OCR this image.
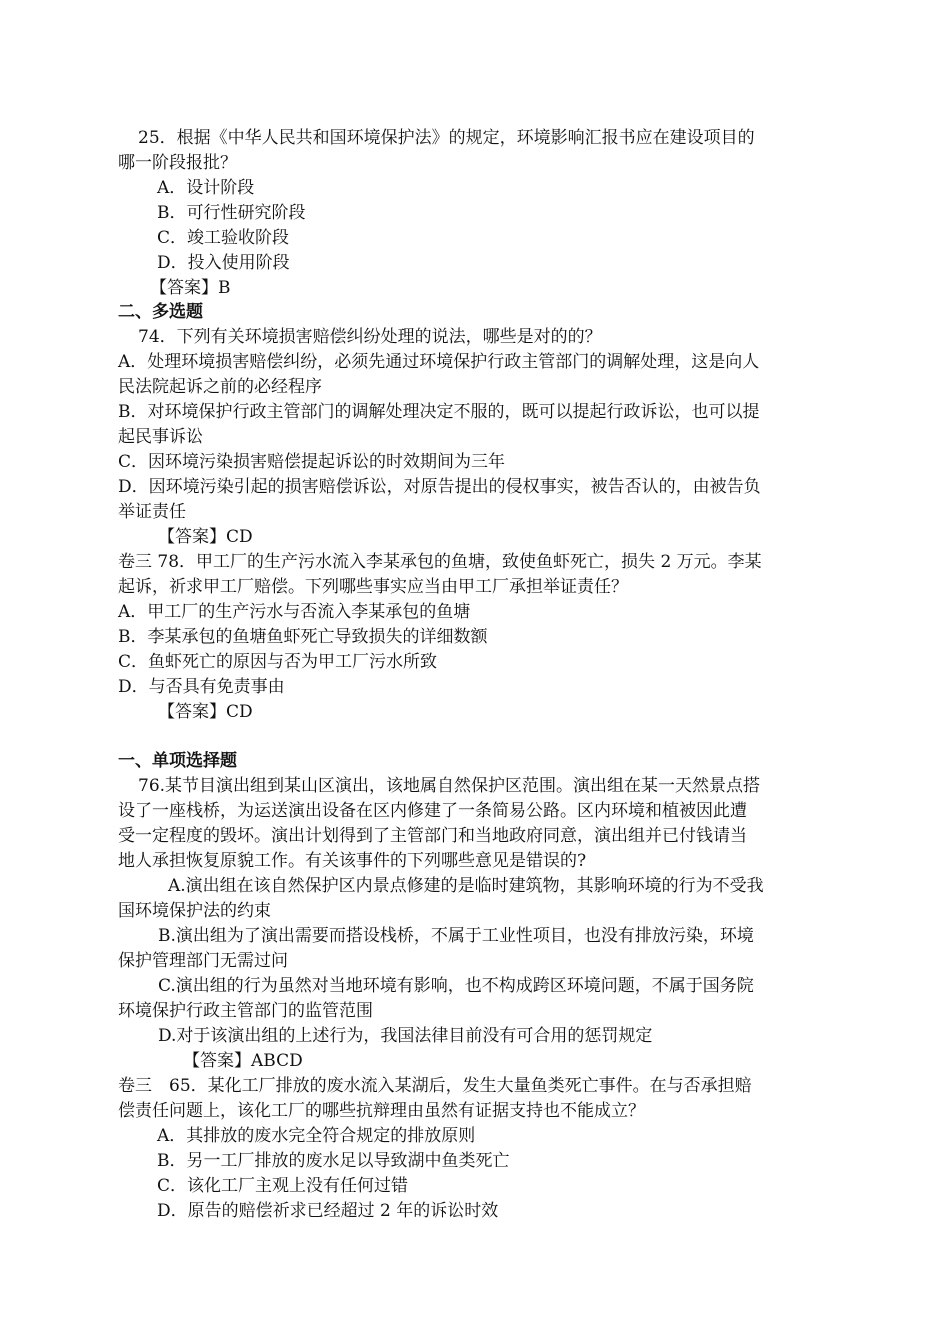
25．根据《中华人民共和国环境保护法》的规定，环境影响汇报书应在建设项目的
哪一阶段报批？
A．设计阶段
B．可行性研究阶段
C．竣工验收阶段
D．投入使用阶段
【答案】B
二、多选题
74．下列有关环境损害赔偿纠纷处理的说法，哪些是对的的？
A．处理环境损害赔偿纠纷，必须先通过环境保护行政主管部门的调解处理，这是向人
民法院起诉之前的必经程序
B．对环境保护行政主管部门的调解处理决定不服的，既可以提起行政诉讼，也可以提
起民事诉讼
C．因环境污染损害赔偿提起诉讼的时效期间为三年
D．因环境污染引起的损害赔偿诉讼，对原告提出的侵权事实，被告否认的，由被告负
举证责任
【答案】CD
卷三 78．甲工厂的生产污水流入李某承包的鱼塘，致使鱼虾死亡，损失 2 万元。李某
起诉，祈求甲工厂赔偿。下列哪些事实应当由甲工厂承担举证责任？
A．甲工厂的生产污水与否流入李某承包的鱼塘
B．李某承包的鱼塘鱼虾死亡导致损失的详细数额
C．鱼虾死亡的原因与否为甲工厂污水所致
D．与否具有免责事由
【答案】CD
一、单项选择题
76.某节目演出组到某山区演出，该地属自然保护区范围。演出组在某一天然景点搭
设了一座栈桥，为运送演出设备在区内修建了一条简易公路。区内环境和植被因此遭
受一定程度的毁坏。演出计划得到了主管部门和当地政府同意，演出组并已付钱请当
地人承担恢复原貌工作。有关该事件的下列哪些意见是错误的?
A.演出组在该自然保护区内景点修建的是临时建筑物，其影响环境的行为不受我
国环境保护法的约束
B.演出组为了演出需要而搭设栈桥，不属于工业性项目，也没有排放污染，环境
保护管理部门无需过问
C.演出组的行为虽然对当地环境有影响，也不构成跨区环境问题，不属于国务院
环境保护行政主管部门的监管范围
D.对于该演出组的上述行为，我国法律目前没有可合用的惩罚规定
【答案】ABCD
卷三　65．某化工厂排放的废水流入某湖后，发生大量鱼类死亡事件。在与否承担赔
偿责任问题上，该化工厂的哪些抗辩理由虽然有证据支持也不能成立？
A．其排放的废水完全符合规定的排放原则
B．另一工厂排放的废水足以导致湖中鱼类死亡
C．该化工厂主观上没有任何过错
D．原告的赔偿祈求已经超过 2 年的诉讼时效
